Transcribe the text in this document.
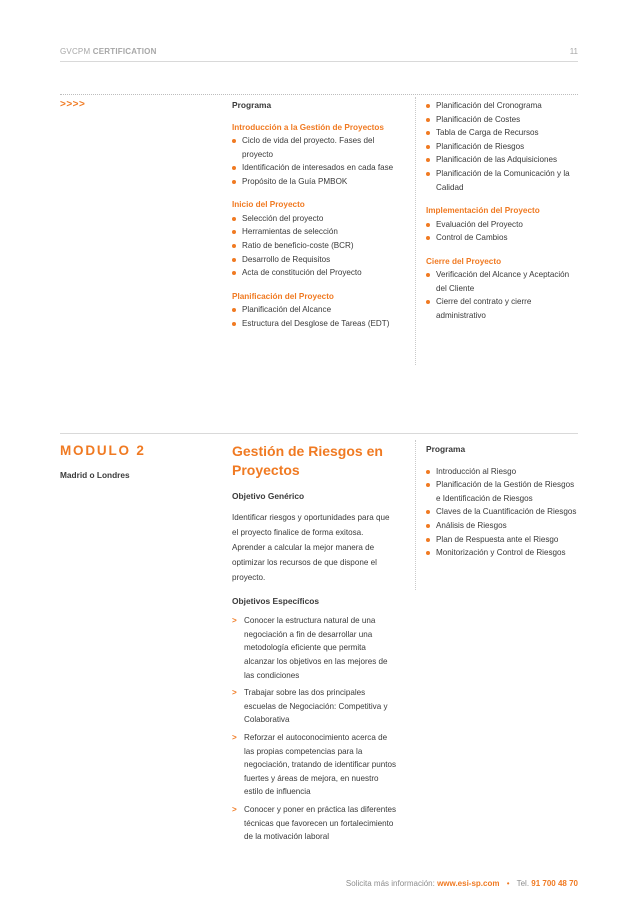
GVCPM CERTIFICATION	11
>>>>	Programa
Introducción a la Gestión de Proyectos
Ciclo de vida del proyecto. Fases del proyecto
Identificación de interesados en cada fase
Propósito de la Guía PMBOK
Inicio del Proyecto
Selección del proyecto
Herramientas de selección
Ratio de beneficio-coste (BCR)
Desarrollo de Requisitos
Acta de constitución del Proyecto
Planificación del Proyecto
Planificación del Alcance
Estructura del Desglose de Tareas (EDT)
Planificación del Cronograma
Planificación de Costes
Tabla de Carga de Recursos
Planificación de Riesgos
Planificación de las Adquisiciones
Planificación de la Comunicación y la Calidad
Implementación del Proyecto
Evaluación del Proyecto
Control de Cambios
Cierre del Proyecto
Verificación del Alcance y Aceptación del Cliente
Cierre del contrato y cierre administrativo
MODULO 2
Madrid o Londres
Gestión de Riesgos en Proyectos
Objetivo Genérico
Identificar riesgos y oportunidades para que el proyecto finalice de forma exitosa. Aprender a calcular la mejor manera de optimizar los recursos de que dispone el proyecto.
Objetivos Específicos
> Conocer la estructura natural de una negociación a fin de desarrollar una metodología eficiente que permita alcanzar los objetivos en las mejores de las condiciones
> Trabajar sobre las dos principales escuelas de Negociación: Competitiva y Colaborativa
> Reforzar el autoconocimiento acerca de las propias competencias para la negociación, tratando de identificar puntos fuertes y áreas de mejora, en nuestro estilo de influencia
> Conocer y poner en práctica las diferentes técnicas que favorecen un fortalecimiento de la motivación laboral
Programa
Introducción al Riesgo
Planificación de la Gestión de Riesgos e Identificación de Riesgos
Claves de la Cuantificación de Riesgos
Análisis de Riesgos
Plan de Respuesta ante el Riesgo
Monitorización y Control de Riesgos
Solicita más información: www.esi-sp.com • Tel. 91 700 48 70
